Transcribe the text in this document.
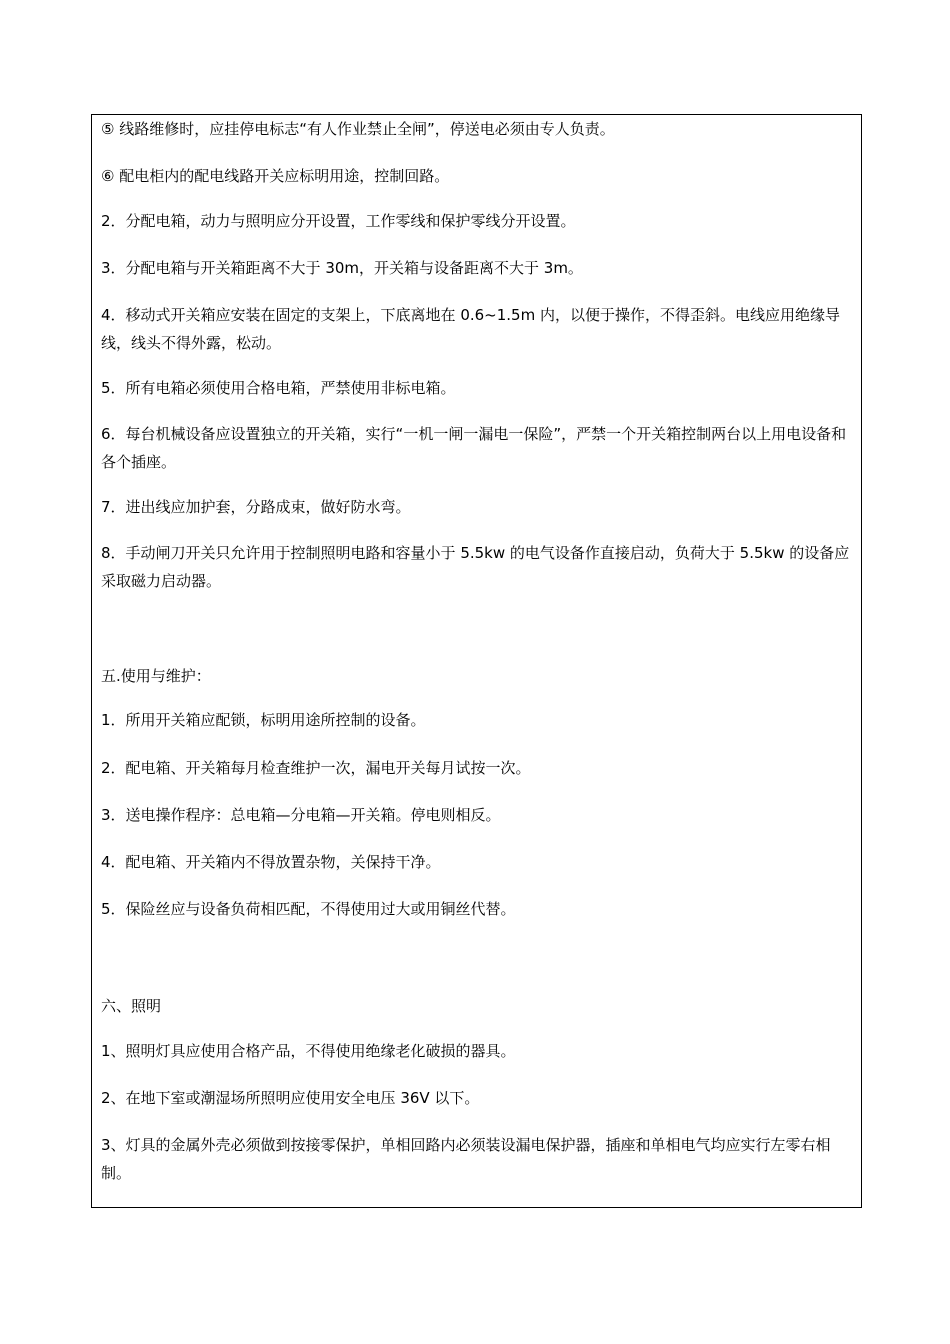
⑤ 线路维修时，应挂停电标志“有人作业禁止全闸”，停送电必须由专人负责。

⑥ 配电柜内的配电线路开关应标明用途，控制回路。

2．分配电箱，动力与照明应分开设置，工作零线和保护零线分开设置。

3．分配电箱与开关箱距离不大于 30m，开关箱与设备距离不大于 3m。

4．移动式开关箱应安装在固定的支架上，下底离地在 0.6~1.5m 内，以便于操作，不得歪斜。电线应用绝缘导线，线头不得外露，松动。

5．所有电箱必须使用合格电箱，严禁使用非标电箱。

6．每台机械设备应设置独立的开关箱，实行“一机一闸一漏电一保险”，严禁一个开关箱控制两台以上用电设备和各个插座。

7．进出线应加护套，分路成束，做好防水弯。

8．手动闸刀开关只允许用于控制照明电路和容量小于 5.5kw 的电气设备作直接启动，负荷大于 5.5kw 的设备应采取磁力启动器。

五.使用与维护：

1．所用开关箱应配锁，标明用途所控制的设备。

2．配电箱、开关箱每月检查维护一次，漏电开关每月试按一次。

3．送电操作程序：总电箱—分电箱—开关箱。停电则相反。

4．配电箱、开关箱内不得放置杂物，关保持干净。

5．保险丝应与设备负荷相匹配，不得使用过大或用铜丝代替。

六、照明

1、照明灯具应使用合格产品，不得使用绝缘老化破损的器具。

2、在地下室或潮湿场所照明应使用安全电压 36V 以下。

3、灯具的金属外壳必须做到按接零保护，单相回路内必须装设漏电保护器，插座和单相电气均应实行左零右相制。
